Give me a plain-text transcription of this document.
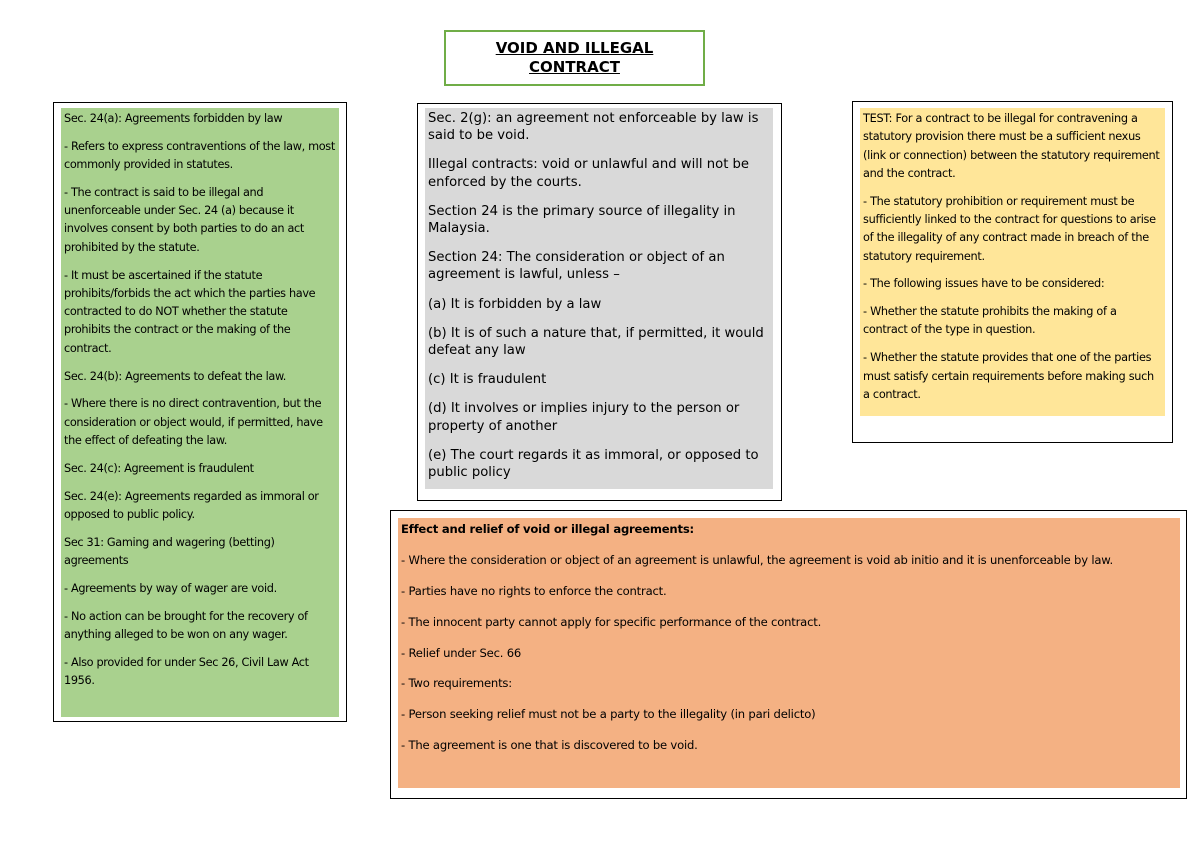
VOID AND ILLEGAL CONTRACT

Sec. 24(a): Agreements forbidden by law

- Refers to express contraventions of the law, most commonly provided in statutes.

- The contract is said to be illegal and unenforceable under Sec. 24 (a) because it involves consent by both parties to do an act prohibited by the statute.

- It must be ascertained if the statute prohibits/forbids the act which the parties have contracted to do NOT whether the statute prohibits the contract or the making of the contract.

Sec. 24(b): Agreements to defeat the law.

- Where there is no direct contravention, but the consideration or object would, if permitted, have the effect of defeating the law.

Sec. 24(c): Agreement is fraudulent

Sec. 24(e): Agreements regarded as immoral or opposed to public policy.

Sec 31: Gaming and wagering (betting) agreements

- Agreements by way of wager are void.

- No action can be brought for the recovery of anything alleged to be won on any wager.

- Also provided for under Sec 26, Civil Law Act 1956.

Sec. 2(g): an agreement not enforceable by law is said to be void.

Illegal contracts: void or unlawful and will not be enforced by the courts.

Section 24 is the primary source of illegality in Malaysia.

Section 24: The consideration or object of an agreement is lawful, unless –

(a) It is forbidden by a law

(b) It is of such a nature that, if permitted, it would defeat any law

(c) It is fraudulent

(d) It involves or implies injury to the person or property of another

(e) The court regards it as immoral, or opposed to public policy

TEST: For a contract to be illegal for contravening a statutory provision there must be a sufficient nexus (link or connection) between the statutory requirement and the contract.

- The statutory prohibition or requirement must be sufficiently linked to the contract for questions to arise of the illegality of any contract made in breach of the statutory requirement.

- The following issues have to be considered:

- Whether the statute prohibits the making of a contract of the type in question.

- Whether the statute provides that one of the parties must satisfy certain requirements before making such a contract.

Effect and relief of void or illegal agreements:

- Where the consideration or object of an agreement is unlawful, the agreement is void ab initio and it is unenforceable by law.

- Parties have no rights to enforce the contract.

- The innocent party cannot apply for specific performance of the contract.

- Relief under Sec. 66

- Two requirements:

- Person seeking relief must not be a party to the illegality (in pari delicto)

- The agreement is one that is discovered to be void.
